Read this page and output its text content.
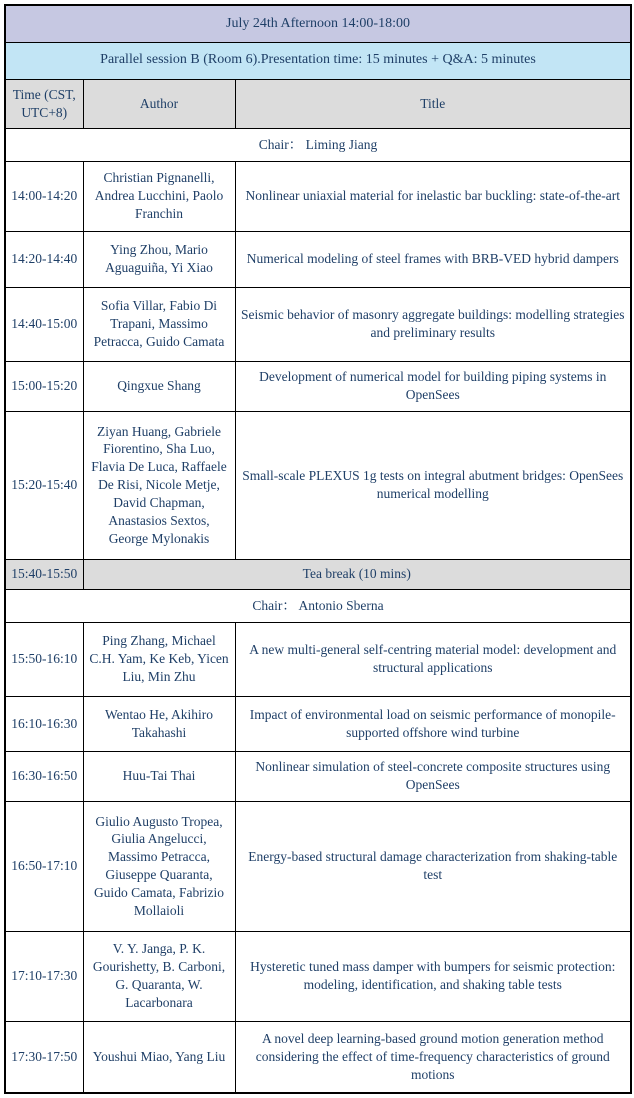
July 24th Afternoon 14:00-18:00		
Parallel session B (Room 6).Presentation time: 15 minutes + Q&A: 5 minutes		
Time (CST, UTC+8)	Author	Title
Chair： Liming Jiang		
14:00-14:20	Christian Pignanelli, Andrea Lucchini, Paolo Franchin	Nonlinear uniaxial material for inelastic bar buckling: state-of-the-art
14:20-14:40	Ying Zhou, Mario Aguaguiña, Yi Xiao	Numerical modeling of steel frames with BRB-VED hybrid dampers
14:40-15:00	Sofia Villar, Fabio Di Trapani, Massimo Petracca, Guido Camata	Seismic behavior of masonry aggregate buildings: modelling strategies and preliminary results
15:00-15:20	Qingxue Shang	Development of numerical model for building piping systems in OpenSees
15:20-15:40	Ziyan Huang, Gabriele Fiorentino, Sha Luo, Flavia De Luca, Raffaele De Risi, Nicole Metje, David Chapman, Anastasios Sextos, George Mylonakis	Small-scale PLEXUS 1g tests on integral abutment bridges: OpenSees numerical modelling
15:40-15:50	Tea break (10 mins)	
Chair： Antonio Sberna		
15:50-16:10	Ping Zhang, Michael C.H. Yam, Ke Keb, Yicen Liu, Min Zhu	A new multi-general self-centring material model: development and structural applications
16:10-16:30	Wentao He, Akihiro Takahashi	Impact of environmental load on seismic performance of monopile-supported offshore wind turbine
16:30-16:50	Huu-Tai Thai	Nonlinear simulation of steel-concrete composite structures using OpenSees
16:50-17:10	Giulio Augusto Tropea, Giulia Angelucci, Massimo Petracca, Giuseppe Quaranta, Guido Camata, Fabrizio Mollaioli	Energy-based structural damage characterization from shaking-table test
17:10-17:30	V. Y. Janga, P. K. Gourishetty, B. Carboni, G. Quaranta, W. Lacarbonara	Hysteretic tuned mass damper with bumpers for seismic protection: modeling, identification, and shaking table tests
17:30-17:50	Youshui Miao, Yang Liu	A novel deep learning-based ground motion generation method considering the effect of time-frequency characteristics of ground motions
